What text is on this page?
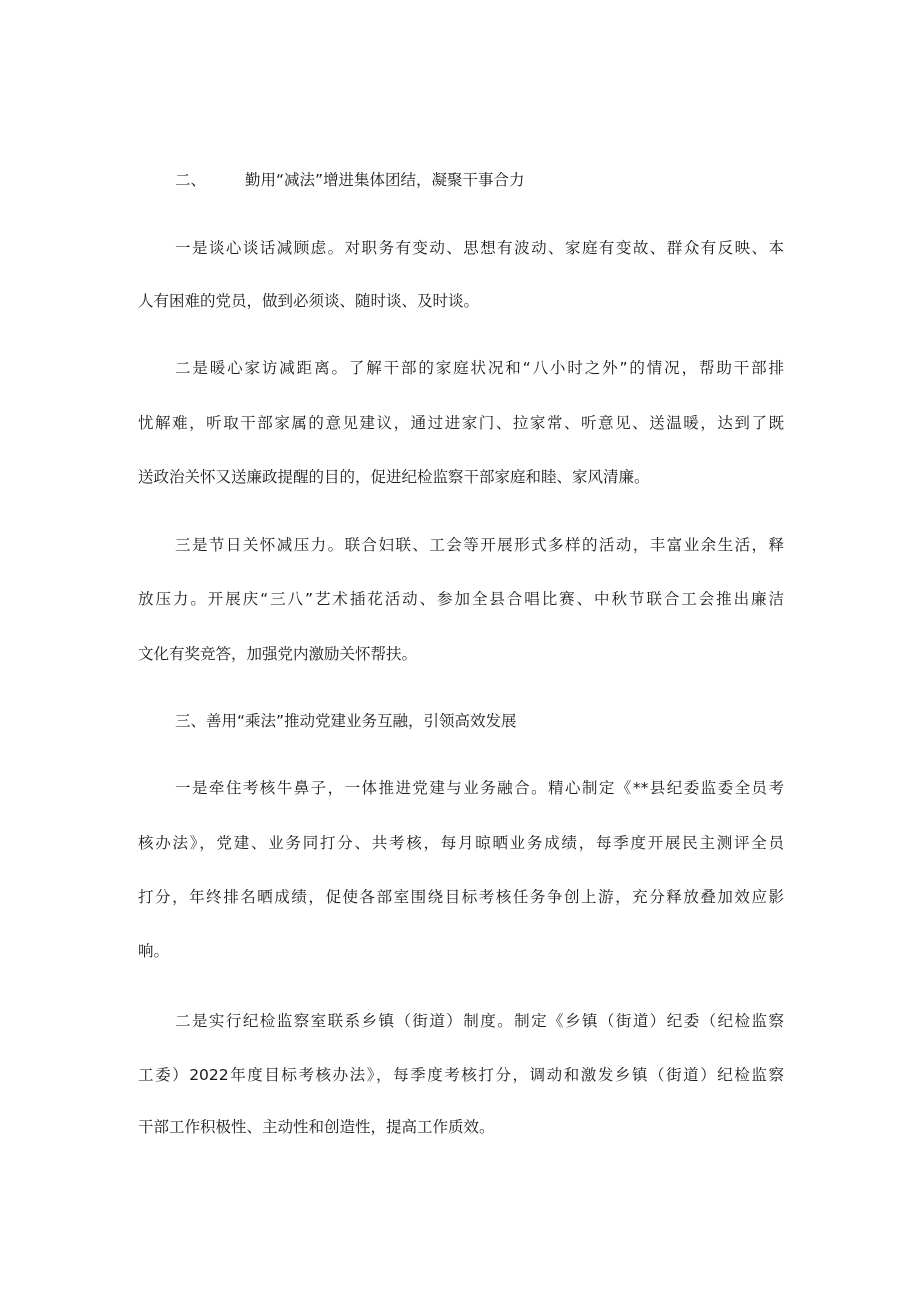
二、	勤用“减法”增进集体团结，凝聚干事合力
一是谈心谈话减顾虑。对职务有变动、思想有波动、家庭有变故、群众有反映、本
人有困难的党员，做到必须谈、随时谈、及时谈。
二是暖心家访减距离。了解干部的家庭状况和“八小时之外”的情况，帮助干部排
忧解难，听取干部家属的意见建议，通过进家门、拉家常、听意见、送温暖，达到了既
送政治关怀又送廉政提醒的目的，促进纪检监察干部家庭和睦、家风清廉。
三是节日关怀减压力。联合妇联、工会等开展形式多样的活动，丰富业余生活，释
放压力。开展庆“三八”艺术插花活动、参加全县合唱比赛、中秋节联合工会推出廉洁
文化有奖竞答，加强党内激励关怀帮扶。
三、善用“乘法”推动党建业务互融，引领高效发展
一是牵住考核牛鼻子，一体推进党建与业务融合。精心制定《**县纪委监委全员考
核办法》，党建、业务同打分、共考核，每月晾晒业务成绩，每季度开展民主测评全员
打分，年终排名晒成绩，促使各部室围绕目标考核任务争创上游，充分释放叠加效应影
响。
二是实行纪检监察室联系乡镇（街道）制度。制定《乡镇（街道）纪委（纪检监察
工委）2022年度目标考核办法》，每季度考核打分，调动和激发乡镇（街道）纪检监察
干部工作积极性、主动性和创造性，提高工作质效。
